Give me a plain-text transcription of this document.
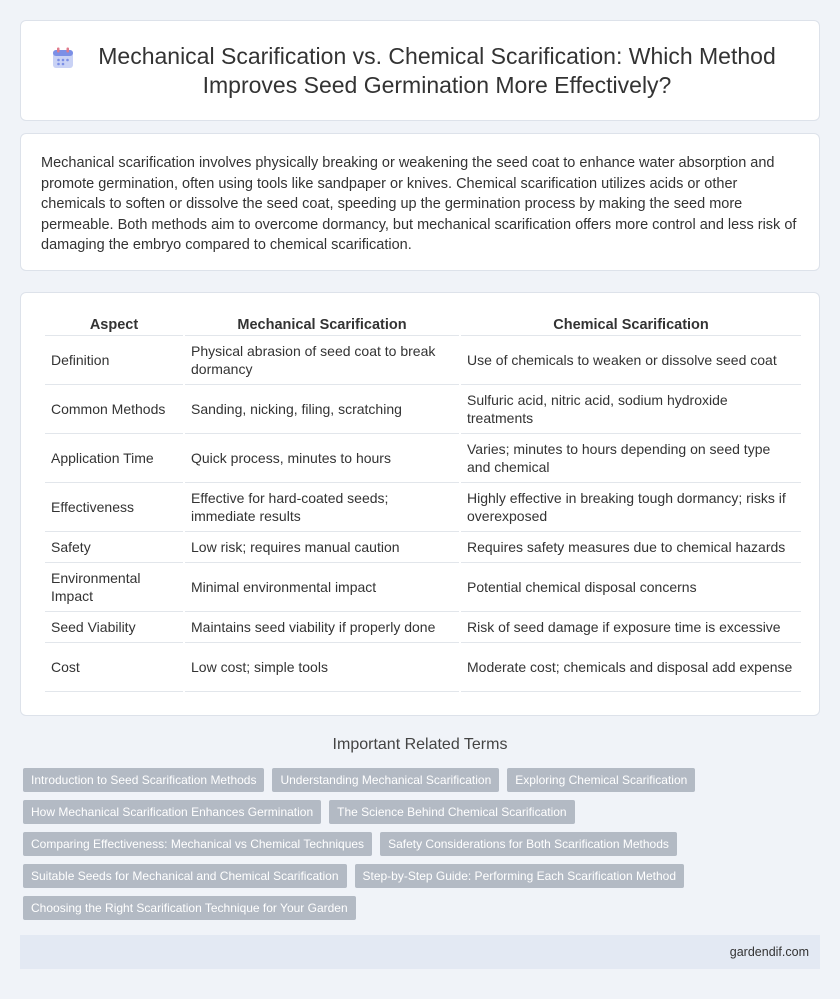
Mechanical Scarification vs. Chemical Scarification: Which Method Improves Seed Germination More Effectively?

Mechanical scarification involves physically breaking or weakening the seed coat to enhance water absorption and promote germination, often using tools like sandpaper or knives. Chemical scarification utilizes acids or other chemicals to soften or dissolve the seed coat, speeding up the germination process by making the seed more permeable. Both methods aim to overcome dormancy, but mechanical scarification offers more control and less risk of damaging the embryo compared to chemical scarification.

Aspect	Mechanical Scarification	Chemical Scarification
Definition	Physical abrasion of seed coat to break dormancy	Use of chemicals to weaken or dissolve seed coat
Common Methods	Sanding, nicking, filing, scratching	Sulfuric acid, nitric acid, sodium hydroxide treatments
Application Time	Quick process, minutes to hours	Varies; minutes to hours depending on seed type and chemical
Effectiveness	Effective for hard-coated seeds; immediate results	Highly effective in breaking tough dormancy; risks if overexposed
Safety	Low risk; requires manual caution	Requires safety measures due to chemical hazards
Environmental Impact	Minimal environmental impact	Potential chemical disposal concerns
Seed Viability	Maintains seed viability if properly done	Risk of seed damage if exposure time is excessive
Cost	Low cost; simple tools	Moderate cost; chemicals and disposal add expense
Important Related Terms
Introduction to Seed Scarification Methods	Understanding Mechanical Scarification	Exploring Chemical Scarification
How Mechanical Scarification Enhances Germination	The Science Behind Chemical Scarification
Comparing Effectiveness: Mechanical vs Chemical Techniques	Safety Considerations for Both Scarification Methods
Suitable Seeds for Mechanical and Chemical Scarification	Step-by-Step Guide: Performing Each Scarification Method
Choosing the Right Scarification Technique for Your Garden
gardendif.com
